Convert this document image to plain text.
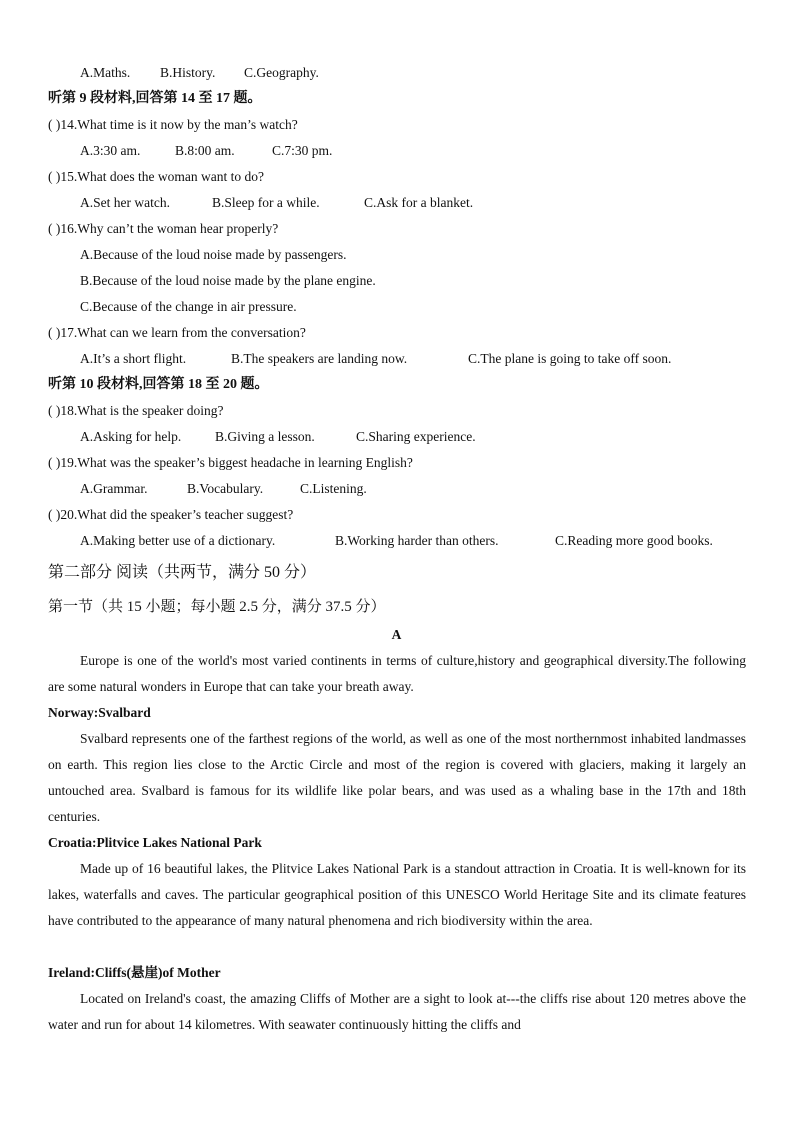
A.Maths. B.History. C.Geography.
听第 9 段材料,回答第 14 至 17 题。
( )14.What time is it now by the man’s watch?
A.3:30 am.	B.8:00 am.	C.7:30 pm.
( )15.What does the woman want to do?
A.Set her watch.	B.Sleep for a while.	C.Ask for a blanket.
( )16.Why can’t the woman hear properly?
A.Because of the loud noise made by passengers.
B.Because of the loud noise made by the plane engine.
C.Because of the change in air pressure.
( )17.What can we learn from the conversation?
A.It’s a short flight.	B.The speakers are landing now.	C.The plane is going to take off soon.
听第 10 段材料,回答第 18 至 20 题。
( )18.What is the speaker doing?
A.Asking for help.	B.Giving a lesson.	C.Sharing experience.
( )19.What was the speaker’s biggest headache in learning English?
A.Grammar.	B.Vocabulary.	C.Listening.
( )20.What did the speaker’s teacher suggest?
A.Making better use of a dictionary.	B.Working harder than others.	C.Reading more good books.
第二部分 阅读（共两节，满分 50 分）
第一节（共 15 小题；每小题 2.5 分，满分 37.5 分）
A

Europe is one of the world's most varied continents in terms of culture,history and geographical diversity.The following are some natural wonders in Europe that can take your breath away.

Norway:Svalbard

Svalbard represents one of the farthest regions of the world, as well as one of the most northernmost inhabited landmasses on earth. This region lies close to the Arctic Circle and most of the region is covered with glaciers, making it largely an untouched area. Svalbard is famous for its wildlife like polar bears, and was used as a whaling base in the 17th and 18th centuries.

Croatia:Plitvice Lakes National Park

Made up of 16 beautiful lakes, the Plitvice Lakes National Park is a standout attraction in Croatia. It is well-known for its lakes, waterfalls and caves. The particular geographical position of this UNESCO World Heritage Site and its climate features have contributed to the appearance of many natural phenomena and rich biodiversity within the area.

Ireland:Cliffs(悬崖)of Mother

Located on Ireland's coast, the amazing Cliffs of Mother are a sight to look at---the cliffs rise about 120 metres above the water and run for about 14 kilometres. With seawater continuously hitting the cliffs and
